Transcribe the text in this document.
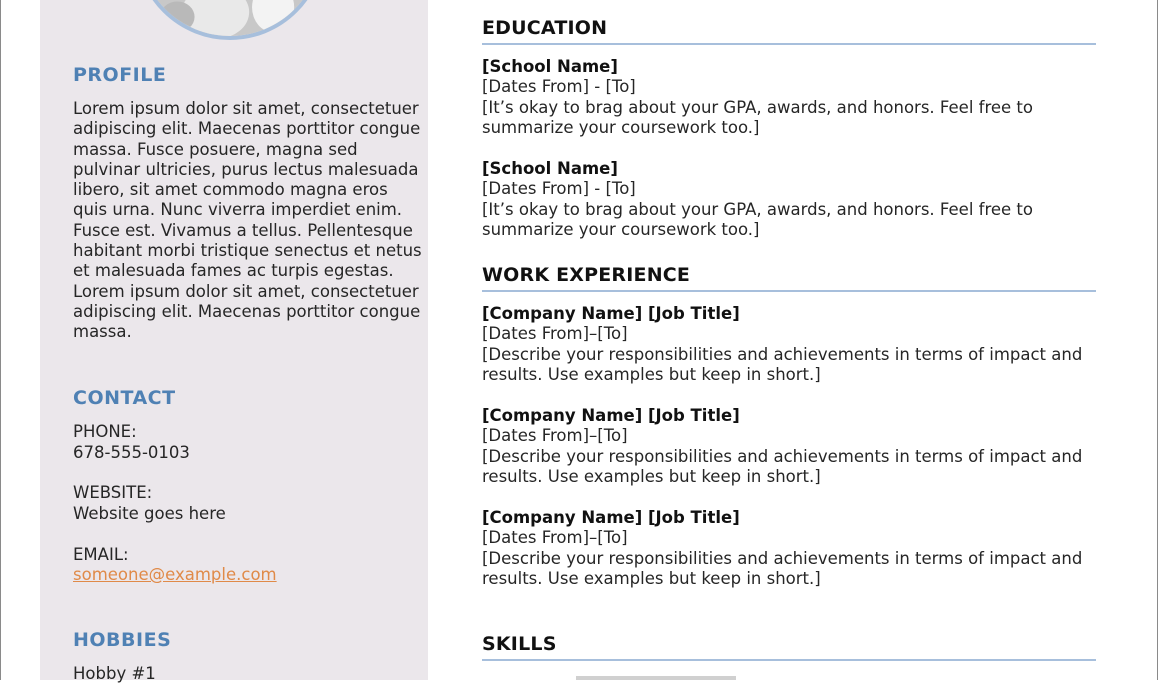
PROFILE
Lorem ipsum dolor sit amet, consectetuer adipiscing elit. Maecenas porttitor congue massa. Fusce posuere, magna sed pulvinar ultricies, purus lectus malesuada libero, sit amet commodo magna eros quis urna. Nunc viverra imperdiet enim. Fusce est. Vivamus a tellus. Pellentesque habitant morbi tristique senectus et netus et malesuada fames ac turpis egestas. Lorem ipsum dolor sit amet, consectetuer adipiscing elit. Maecenas porttitor congue massa.
CONTACT
PHONE:
678-555-0103
WEBSITE:
Website goes here
EMAIL:
someone@example.com
HOBBIES
Hobby #1
EDUCATION
[School Name]
[Dates From] - [To]
[It’s okay to brag about your GPA, awards, and honors. Feel free to summarize your coursework too.]
[School Name]
[Dates From] - [To]
[It’s okay to brag about your GPA, awards, and honors. Feel free to summarize your coursework too.]
WORK EXPERIENCE
[Company Name] [Job Title]
[Dates From]–[To]
[Describe your responsibilities and achievements in terms of impact and results. Use examples but keep in short.]
[Company Name] [Job Title]
[Dates From]–[To]
[Describe your responsibilities and achievements in terms of impact and results. Use examples but keep in short.]
[Company Name] [Job Title]
[Dates From]–[To]
[Describe your responsibilities and achievements in terms of impact and results. Use examples but keep in short.]
SKILLS
